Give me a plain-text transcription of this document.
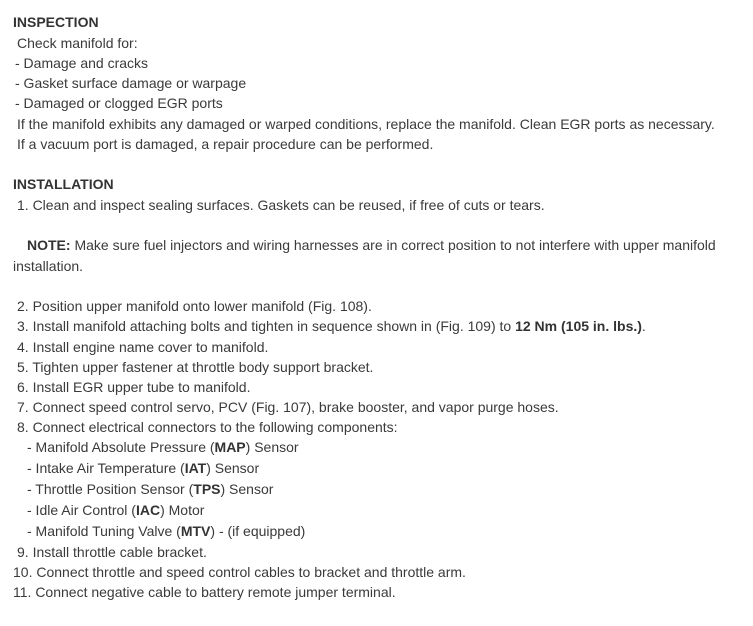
INSPECTION
Check manifold for:
- Damage and cracks
- Gasket surface damage or warpage
- Damaged or clogged EGR ports
If the manifold exhibits any damaged or warped conditions, replace the manifold. Clean EGR ports as necessary.
If a vacuum port is damaged, a repair procedure can be performed.
INSTALLATION
1. Clean and inspect sealing surfaces. Gaskets can be reused, if free of cuts or tears.
NOTE: Make sure fuel injectors and wiring harnesses are in correct position to not interfere with upper manifold
installation.
2. Position upper manifold onto lower manifold (Fig. 108).
3. Install manifold attaching bolts and tighten in sequence shown in (Fig. 109) to 12 Nm (105 in. lbs.).
4. Install engine name cover to manifold.
5. Tighten upper fastener at throttle body support bracket.
6. Install EGR upper tube to manifold.
7. Connect speed control servo, PCV (Fig. 107), brake booster, and vapor purge hoses.
8. Connect electrical connectors to the following components:
- Manifold Absolute Pressure (MAP) Sensor
- Intake Air Temperature (IAT) Sensor
- Throttle Position Sensor (TPS) Sensor
- Idle Air Control (IAC) Motor
- Manifold Tuning Valve (MTV) - (if equipped)
9. Install throttle cable bracket.
10. Connect throttle and speed control cables to bracket and throttle arm.
11. Connect negative cable to battery remote jumper terminal.
